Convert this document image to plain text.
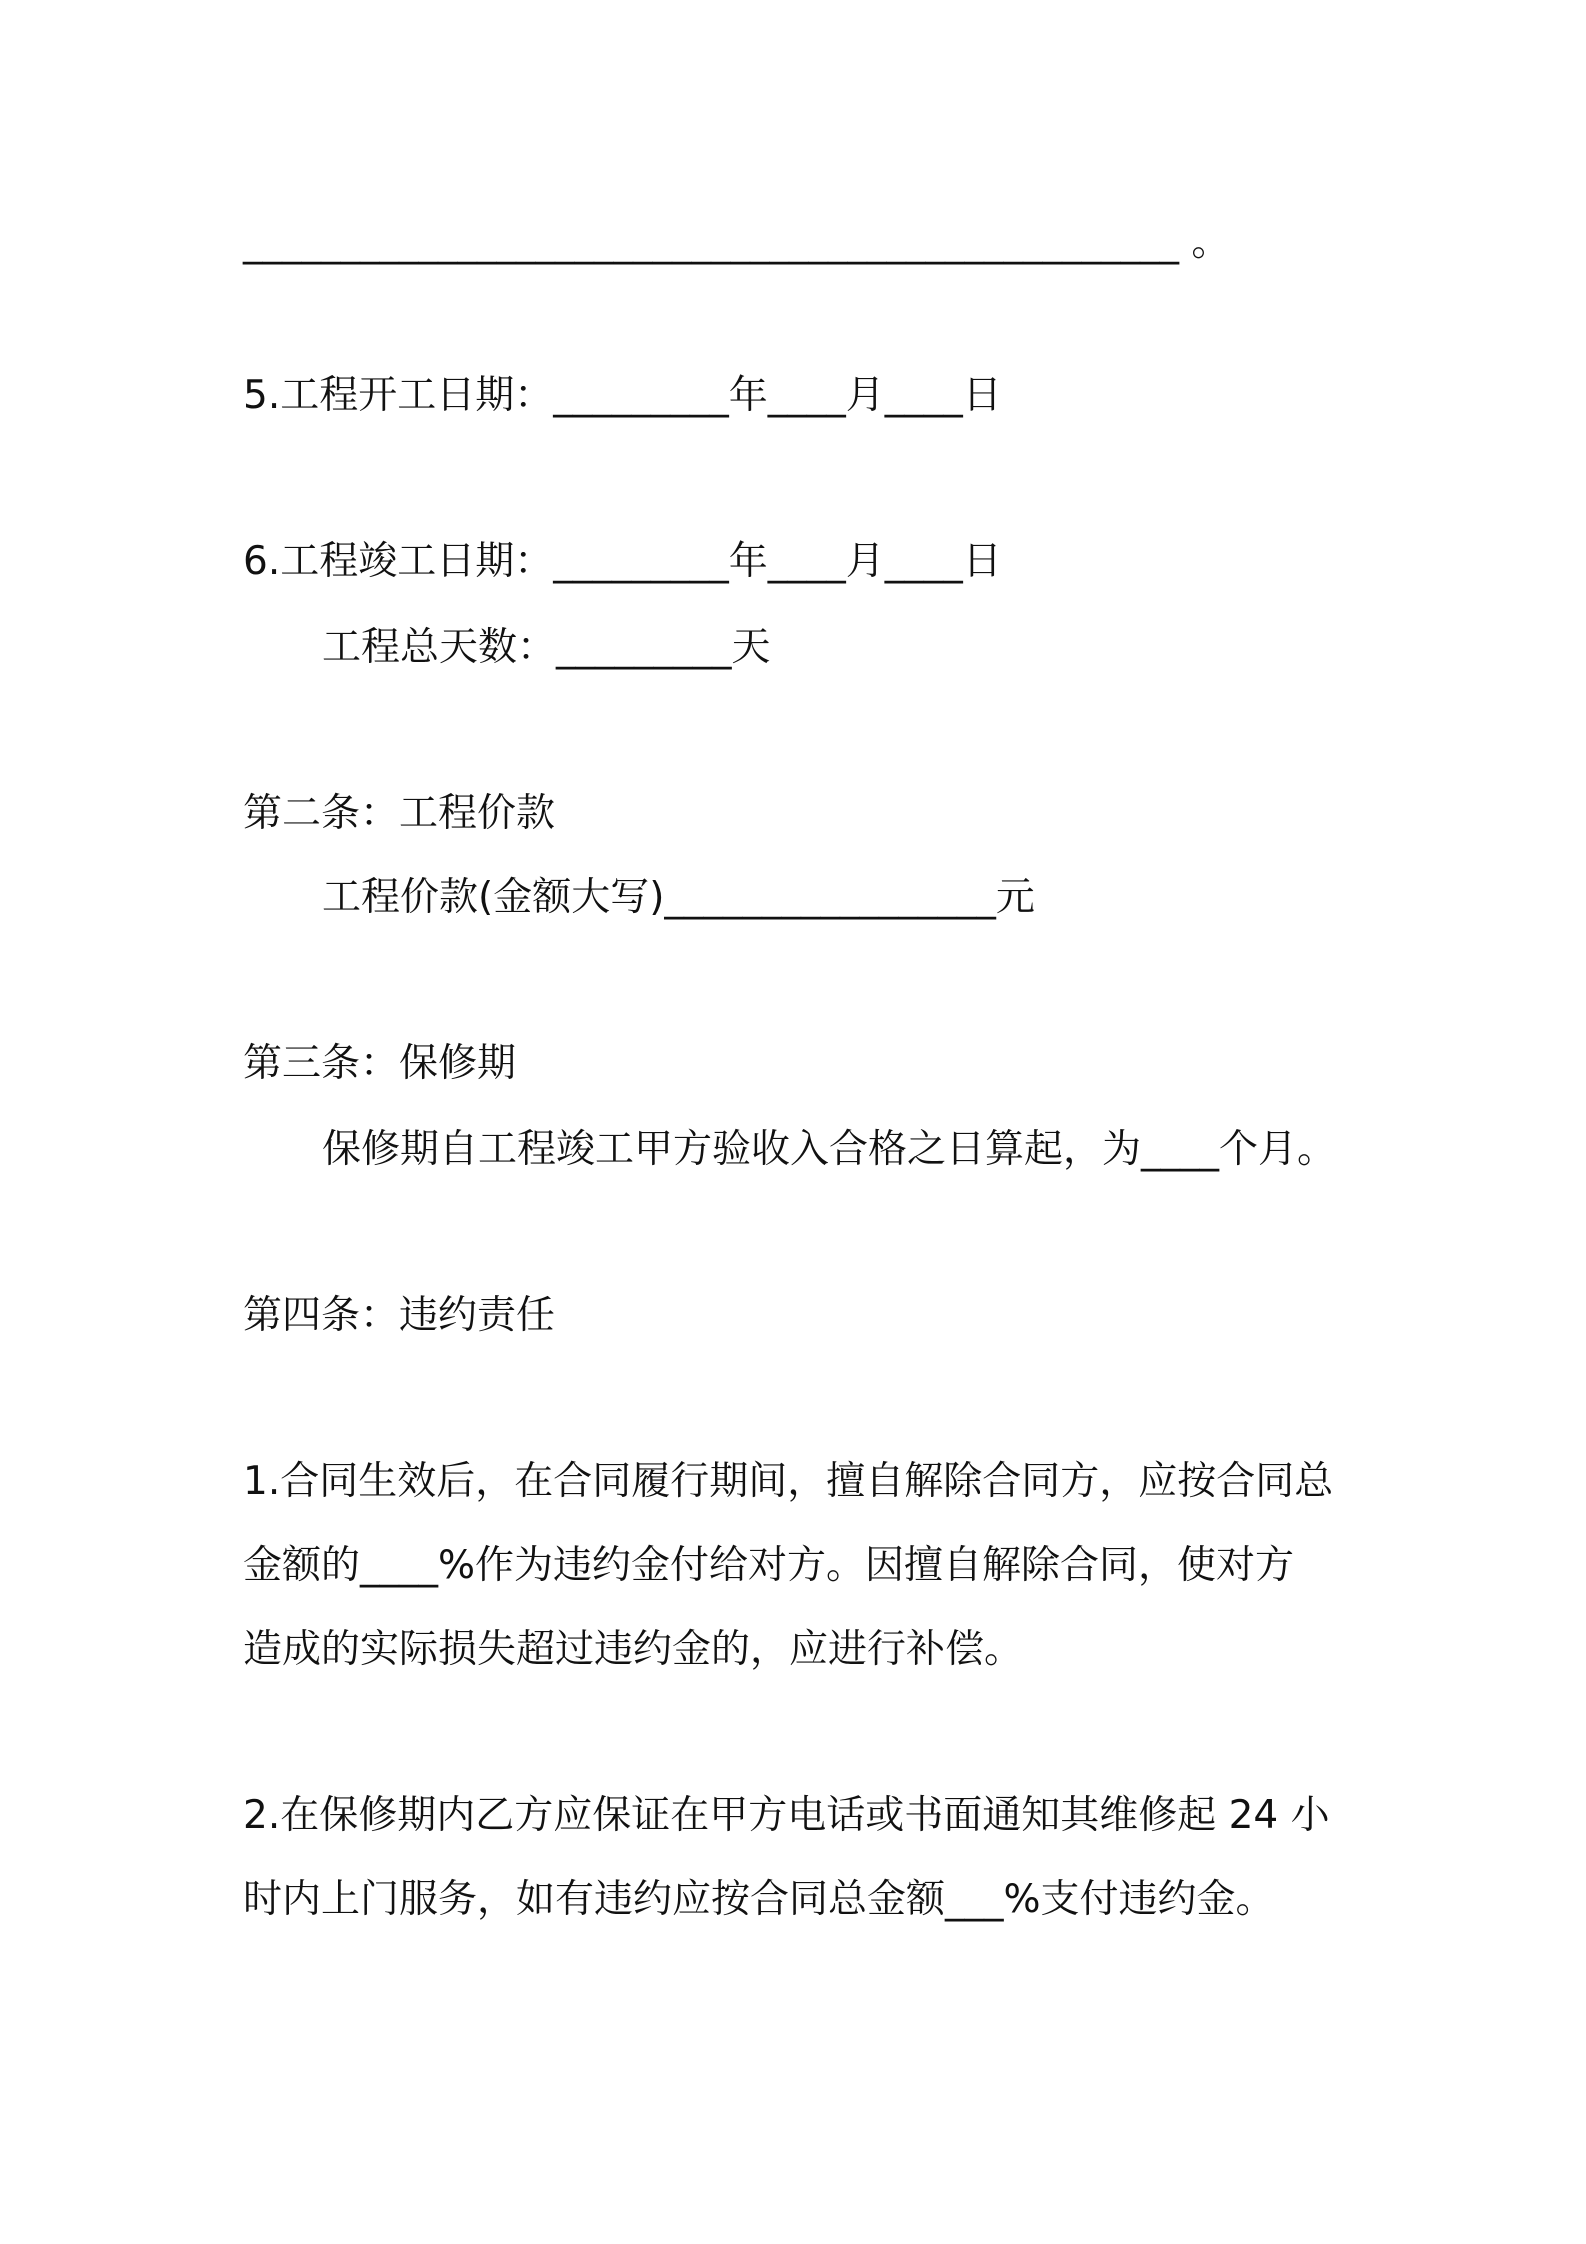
________________________________________________ 。
5.工程开工日期：_________年____月____日
6.工程竣工日期：_________年____月____日
工程总天数：_________天
第二条：工程价款
工程价款(金额大写)_________________元
第三条：保修期
保修期自工程竣工甲方验收入合格之日算起，为____个月。
第四条：违约责任
1.合同生效后，在合同履行期间，擅自解除合同方，应按合同总
金额的____%作为违约金付给对方。因擅自解除合同，使对方
造成的实际损失超过违约金的，应进行补偿。
2.在保修期内乙方应保证在甲方电话或书面通知其维修起 24 小
时内上门服务，如有违约应按合同总金额___%支付违约金。
